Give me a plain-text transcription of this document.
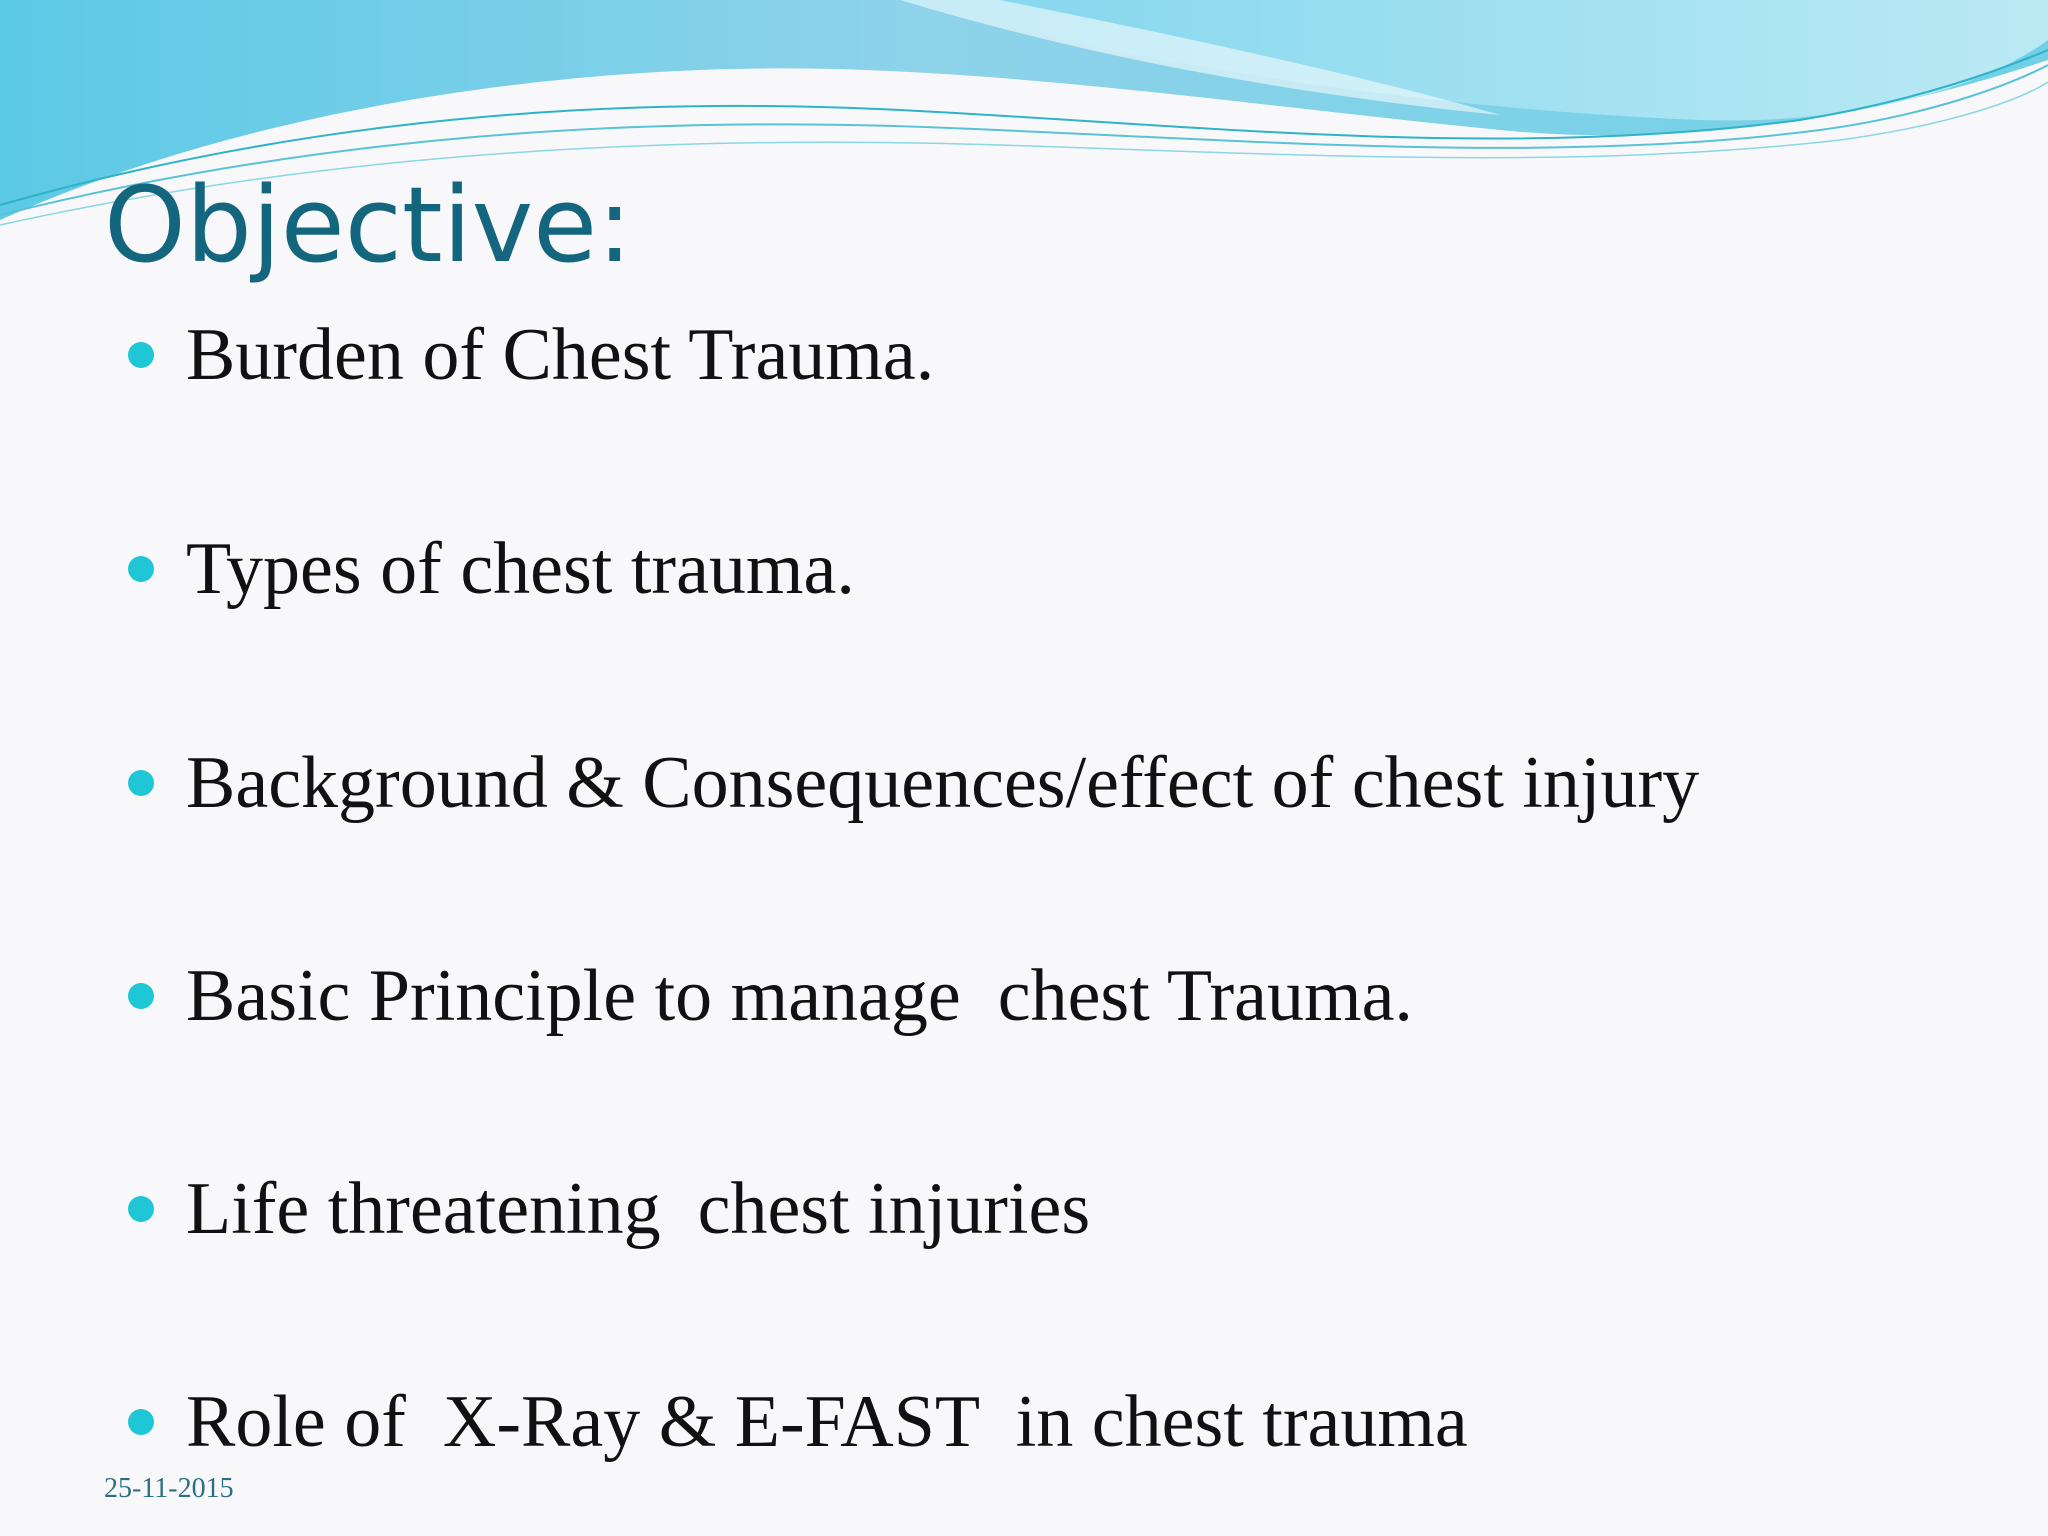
Objective:
Burden of Chest Trauma.
Types of chest trauma.
Background & Consequences/effect of chest injury
Basic Principle to manage  chest Trauma.
Life threatening  chest injuries
Role of  X-Ray & E-FAST  in chest trauma
25-11-2015
